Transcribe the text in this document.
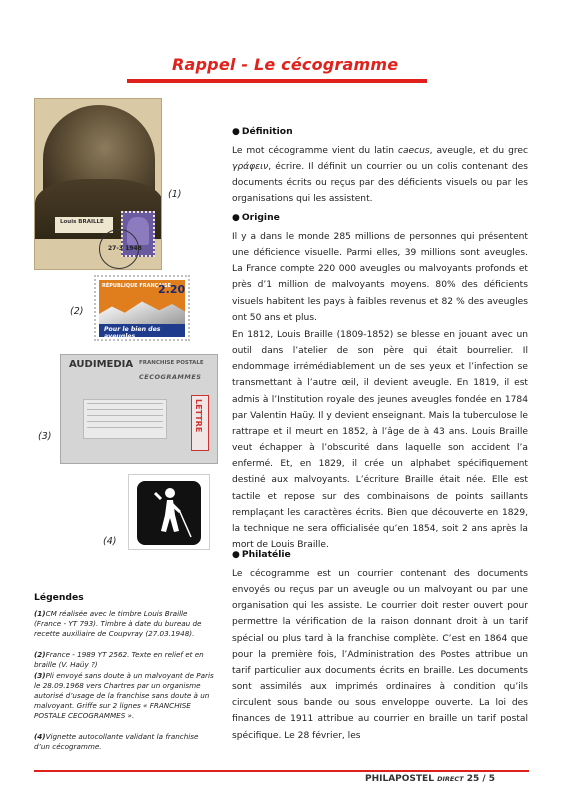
Rappel - Le cécogramme
Louis BRAILLE
27-3 1948
(1)
RÉPUBLIQUE FRANÇAISE
2.20
Pour le bien des aveugles
(2)
AUDIMEDIA FRANCHISE POSTALE
CECOGRAMMES
LETTRE
(3)
(4)
● Définition
Le mot cécogramme vient du latin caecus, aveugle, et du grec γράφειν, écrire. Il définit un courrier ou un colis contenant des documents écrits ou reçus par des déficients visuels ou par les organisations qui les assistent.
● Origine
Il y a dans le monde 285 millions de personnes qui présentent une déficience visuelle. Parmi elles, 39 millions sont aveugles. La France compte 220 000 aveugles ou malvoyants profonds et près d’1 million de malvoyants moyens. 80% des déficients visuels habitent les pays à faibles revenus et 82 % des aveugles ont 50 ans et plus.
En 1812, Louis Braille (1809-1852) se blesse en jouant avec un outil dans l’atelier de son père qui était bourrelier. Il endommage irrémédiablement un de ses yeux et l’infection se transmettant à l’autre œil, il devient aveugle. En 1819, il est admis à l’Institution royale des jeunes aveugles fondée en 1784 par Valentin Haüy. Il y devient enseignant. Mais la tuberculose le rattrape et il meurt en 1852, à l’âge de à 43 ans. Louis Braille veut échapper à l’obscurité dans laquelle son accident l’a enfermé. Et, en 1829, il crée un alphabet spécifiquement destiné aux malvoyants. L’écriture Braille était née. Elle est tactile et repose sur des combinaisons de points saillants remplaçant les caractères écrits. Bien que découverte en 1829, la technique ne sera officialisée qu’en 1854, soit 2 ans après la mort de Louis Braille.
● Philatélie
Le cécogramme est un courrier contenant des documents envoyés ou reçus par un aveugle ou un malvoyant ou par une organisation qui les assiste. Le courrier doit rester ouvert pour permettre la vérification de la raison donnant droit à un tarif spécial ou plus tard à la franchise complète. C’est en 1864 que pour la première fois, l’Administration des Postes attribue un tarif particulier aux documents écrits en braille. Les documents sont assimilés aux imprimés ordinaires à condition qu’ils circulent sous bande ou sous enveloppe ouverte. La loi des finances de 1911 attribue au courrier en braille un tarif postal spécifique. Le 28 février, les
Légendes
(1)CM réalisée avec le timbre Louis Braille (France - YT 793). Timbre à date du bureau de recette auxiliaire de Coupvray (27.03.1948).
(2)France - 1989 YT 2562. Texte en relief et en braille (V. Haüy ?)
(3)Pli envoyé sans doute à un malvoyant de Paris le 28.09.1968 vers Chartres par un organisme autorisé d’usage de la franchise sans doute à un malvoyant. Griffe sur 2 lignes « FRANCHISE POSTALE CECOGRAMMES ».
(4)Vignette autocollante validant la franchise d’un cécogramme.
PHILAPOSTEL DIRECT 25 / 5
